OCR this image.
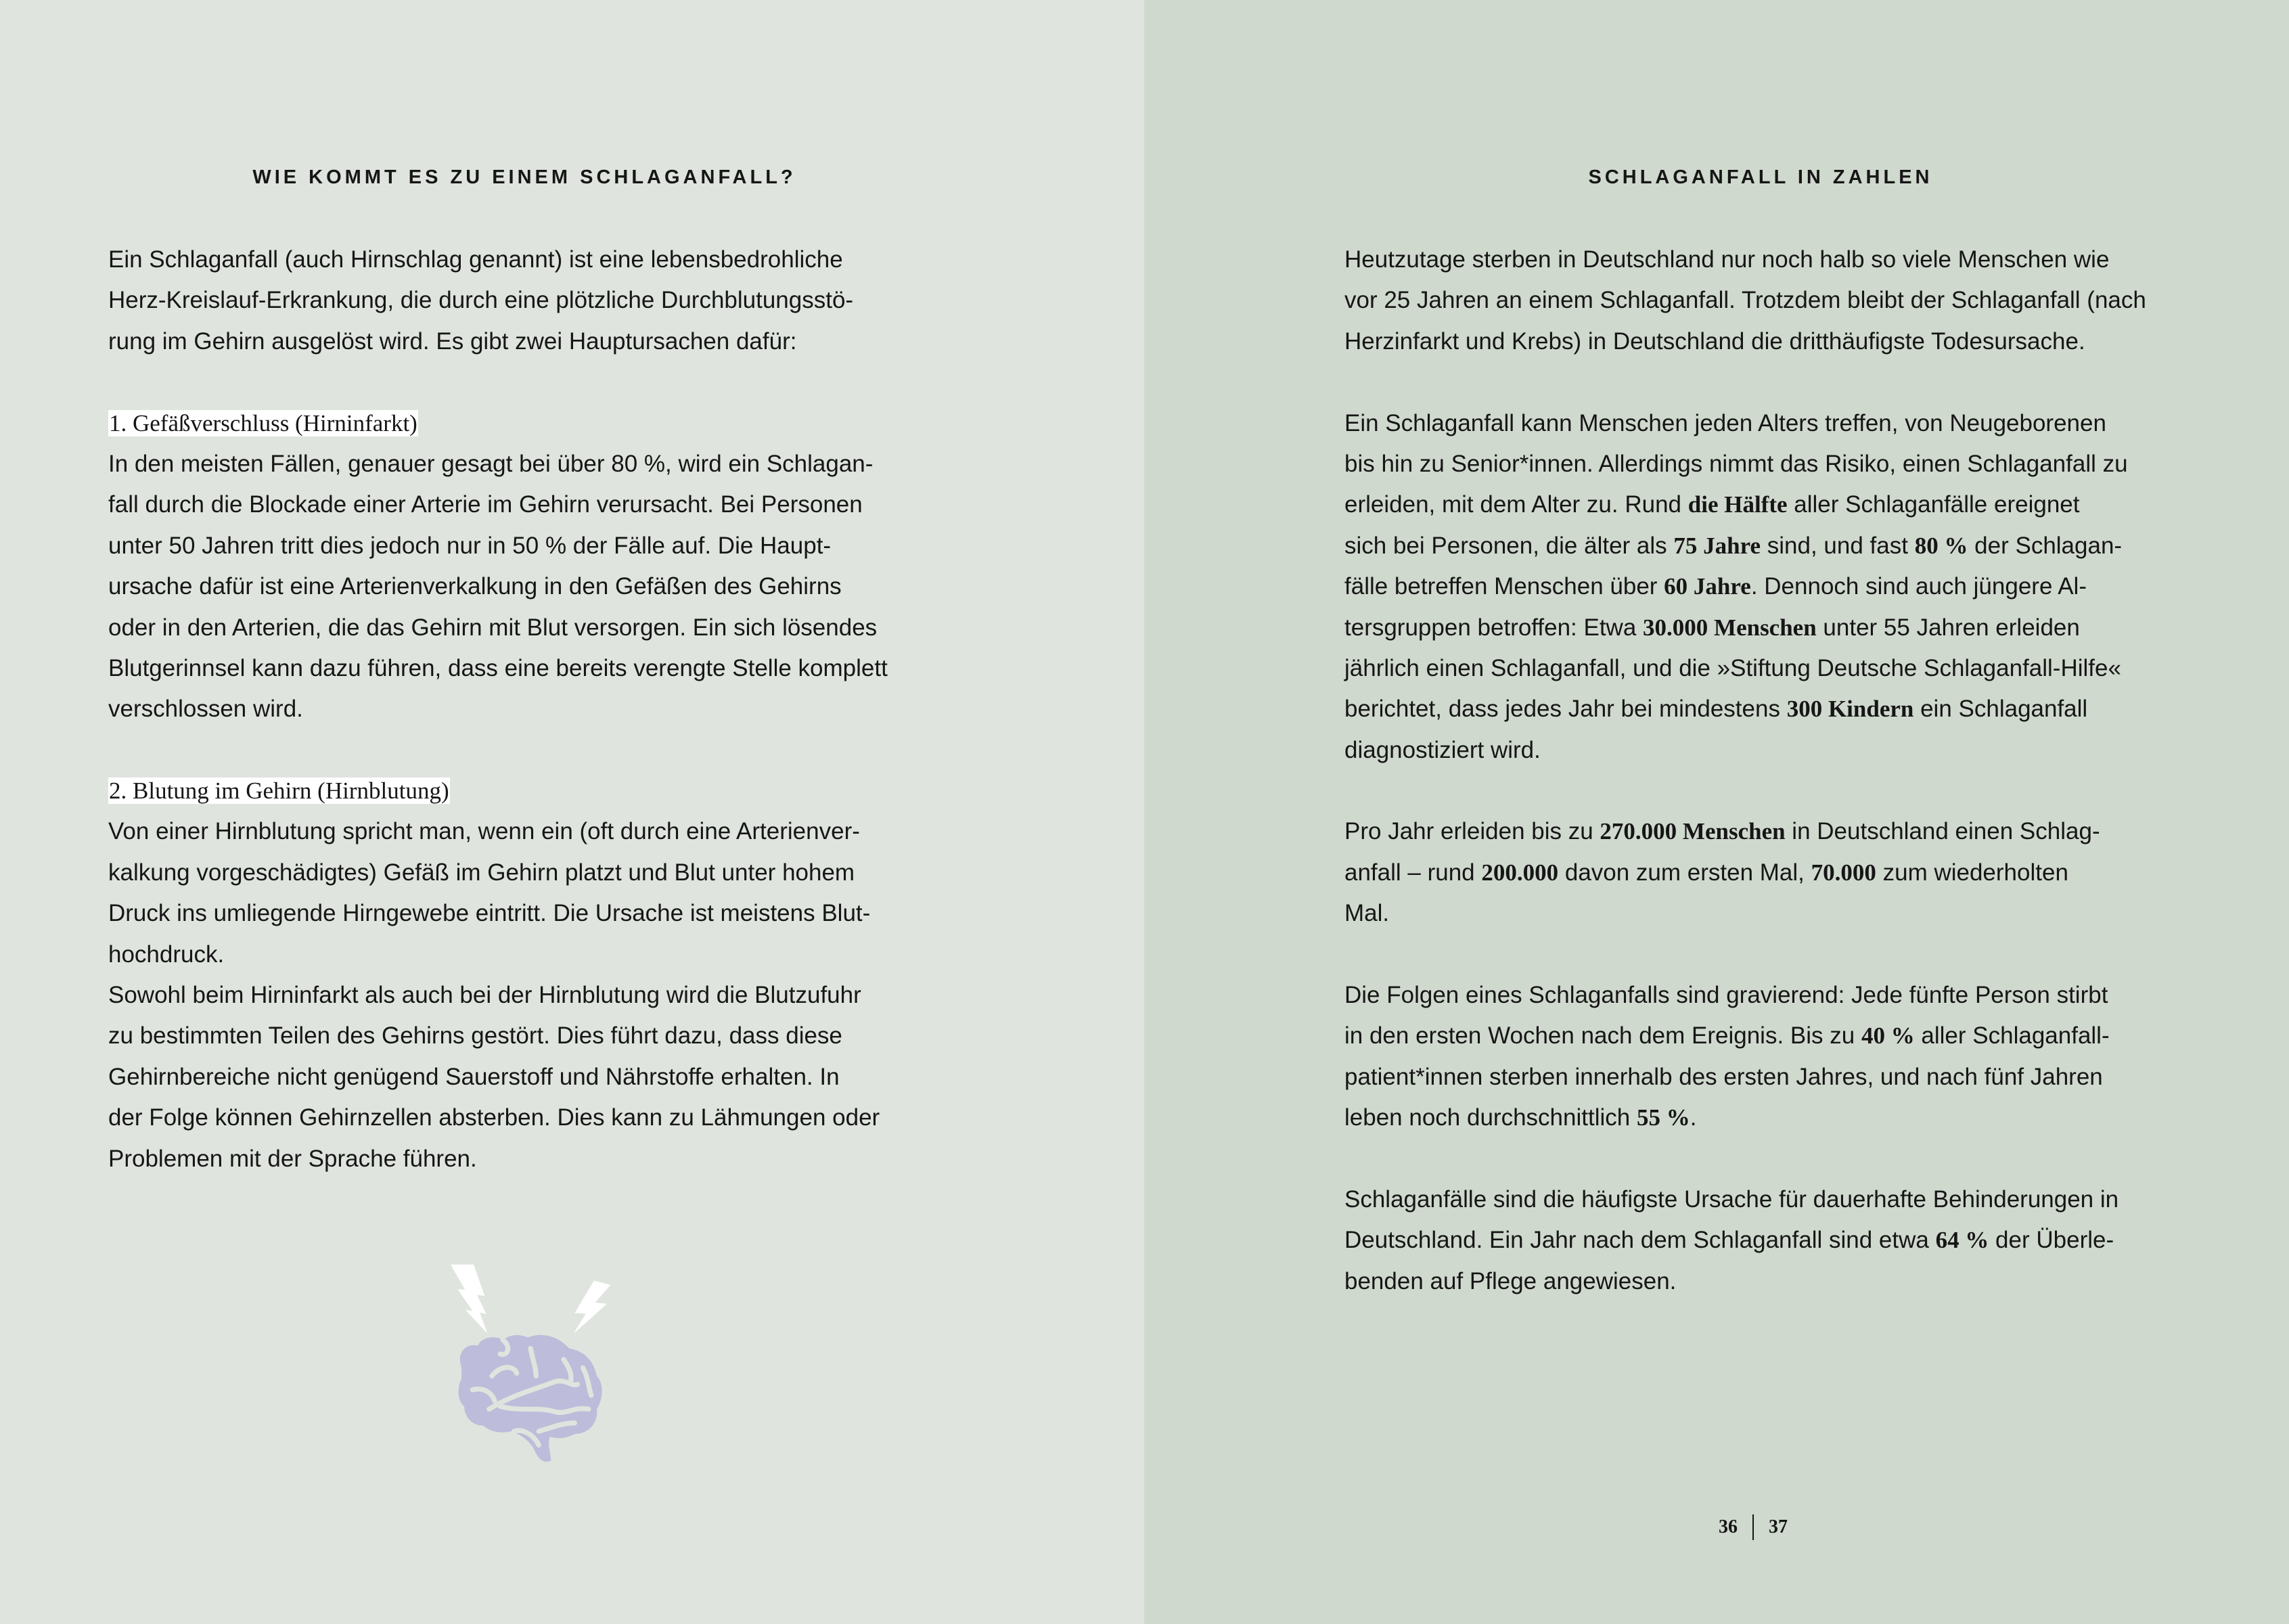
WIE KOMMT ES ZU EINEM SCHLAGANFALL?
Ein Schlaganfall (auch Hirnschlag genannt) ist eine lebensbedrohliche
Herz-Kreislauf-Erkrankung, die durch eine plötzliche Durchblutungsstö-
rung im Gehirn ausgelöst wird. Es gibt zwei Hauptursachen dafür:
1. Gefäßverschluss (Hirninfarkt)
In den meisten Fällen, genauer gesagt bei über 80 %, wird ein Schlagan-
fall durch die Blockade einer Arterie im Gehirn verursacht. Bei Personen
unter 50 Jahren tritt dies jedoch nur in 50 % der Fälle auf. Die Haupt-
ursache dafür ist eine Arterienverkalkung in den Gefäßen des Gehirns
oder in den Arterien, die das Gehirn mit Blut versorgen. Ein sich lösendes
Blutgerinnsel kann dazu führen, dass eine bereits verengte Stelle komplett
verschlossen wird.
2. Blutung im Gehirn (Hirnblutung)
Von einer Hirnblutung spricht man, wenn ein (oft durch eine Arterienver-
kalkung vorgeschädigtes) Gefäß im Gehirn platzt und Blut unter hohem
Druck ins umliegende Hirngewebe eintritt. Die Ursache ist meistens Blut-
hochdruck.
Sowohl beim Hirninfarkt als auch bei der Hirnblutung wird die Blutzufuhr
zu bestimmten Teilen des Gehirns gestört. Dies führt dazu, dass diese
Gehirnbereiche nicht genügend Sauerstoff und Nährstoffe erhalten. In
der Folge können Gehirnzellen absterben. Dies kann zu Lähmungen oder
Problemen mit der Sprache führen.
SCHLAGANFALL IN ZAHLEN
Heutzutage sterben in Deutschland nur noch halb so viele Menschen wie
vor 25 Jahren an einem Schlaganfall. Trotzdem bleibt der Schlaganfall (nach
Herzinfarkt und Krebs) in Deutschland die dritthäufigste Todesursache.
Ein Schlaganfall kann Menschen jeden Alters treffen, von Neugeborenen
bis hin zu Senior*innen. Allerdings nimmt das Risiko, einen Schlaganfall zu
erleiden, mit dem Alter zu. Rund die Hälfte aller Schlaganfälle ereignet
sich bei Personen, die älter als 75 Jahre sind, und fast 80 % der Schlagan-
fälle betreffen Menschen über 60 Jahre. Dennoch sind auch jüngere Al-
tersgruppen betroffen: Etwa 30.000 Menschen unter 55 Jahren erleiden
jährlich einen Schlaganfall, und die »Stiftung Deutsche Schlaganfall-Hilfe«
berichtet, dass jedes Jahr bei mindestens 300 Kindern ein Schlaganfall
diagnostiziert wird.
Pro Jahr erleiden bis zu 270.000 Menschen in Deutschland einen Schlag-
anfall – rund 200.000 davon zum ersten Mal, 70.000 zum wiederholten
Mal.
Die Folgen eines Schlaganfalls sind gravierend: Jede fünfte Person stirbt
in den ersten Wochen nach dem Ereignis. Bis zu 40 % aller Schlaganfall-
patient*innen sterben innerhalb des ersten Jahres, und nach fünf Jahren
leben noch durchschnittlich 55 %.
Schlaganfälle sind die häufigste Ursache für dauerhafte Behinderungen in
Deutschland. Ein Jahr nach dem Schlaganfall sind etwa 64 % der Überle-
benden auf Pflege angewiesen.
36 37
